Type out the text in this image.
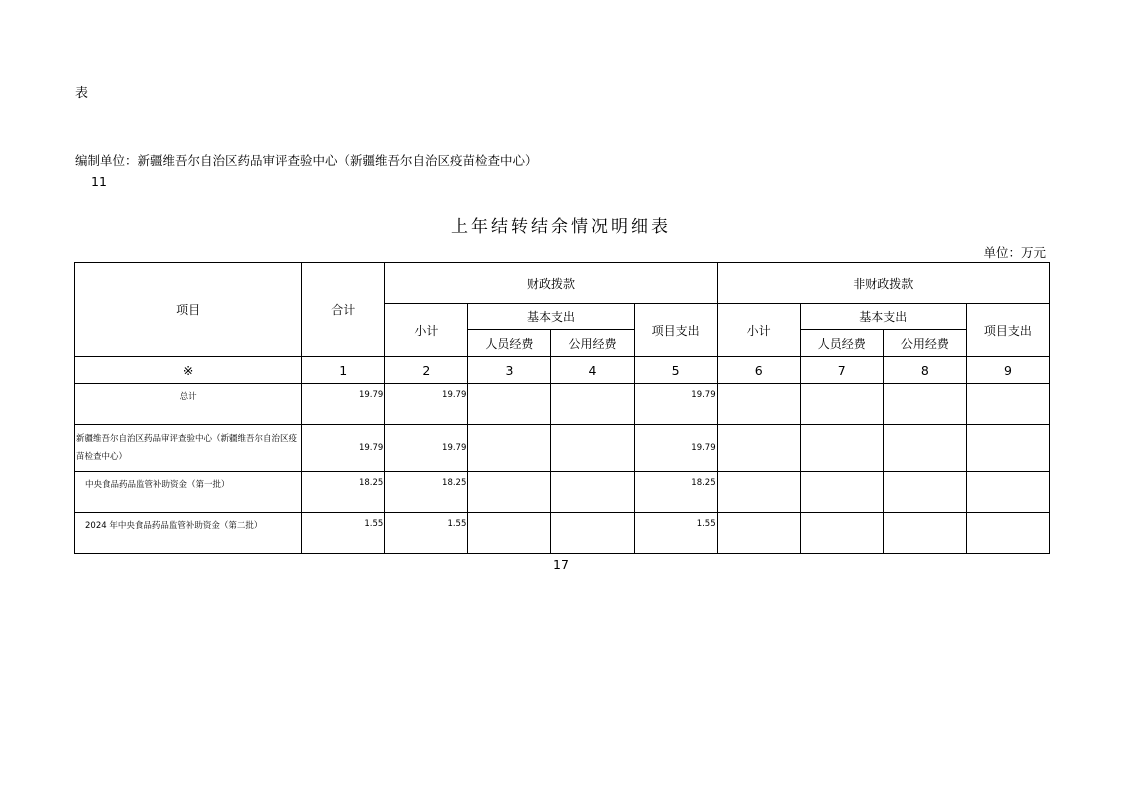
表
编制单位：新疆维吾尔自治区药品审评查验中心（新疆维吾尔自治区疫苗检查中心）
11
上年结转结余情况明细表
单位：万元
项目	合计	财政拨款				非财政拨款			
		小计	基本支出		项目支出	小计	基本支出		项目支出
			人员经费	公用经费			人员经费	公用经费	
※	1	2	3	4	5	6	7	8	9
总计	19.79	19.79			19.79				
新疆维吾尔自治区药品审评查验中心（新疆维吾尔自治区疫苗检查中心）	19.79	19.79			19.79				
中央食品药品监管补助资金（第一批）	18.25	18.25			18.25				
2024 年中央食品药品监管补助资金（第二批）	1.55	1.55			1.55				
17
